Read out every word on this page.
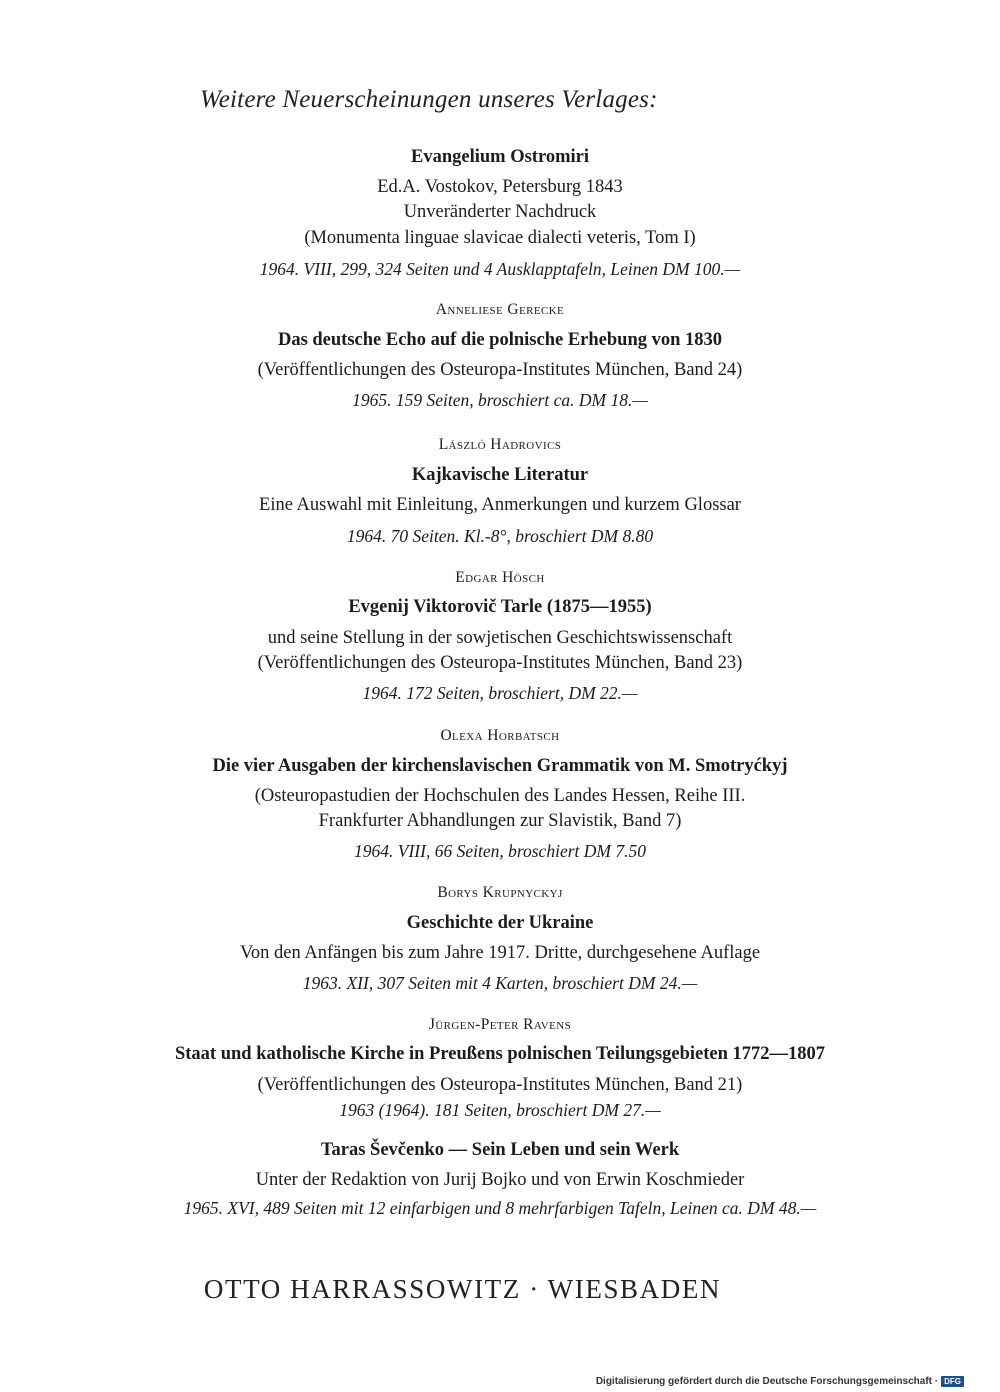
Weitere Neuerscheinungen unseres Verlages:
Evangelium Ostromiri
Ed.A. Vostokov, Petersburg 1843
Unveränderter Nachdruck
(Monumenta linguae slavicae dialecti veteris, Tom I)
1964. VIII, 299, 324 Seiten und 4 Ausklapptafeln, Leinen DM 100.—
Anneliese Gerecke
Das deutsche Echo auf die polnische Erhebung von 1830
(Veröffentlichungen des Osteuropa-Institutes München, Band 24)
1965. 159 Seiten, broschiert ca. DM 18.—
László Hadrovics
Kajkavische Literatur
Eine Auswahl mit Einleitung, Anmerkungen und kurzem Glossar
1964. 70 Seiten. Kl.-8°, broschiert DM 8.80
Edgar Hösch
Evgenij Viktorovič Tarle (1875—1955)
und seine Stellung in der sowjetischen Geschichtswissenschaft
(Veröffentlichungen des Osteuropa-Institutes München, Band 23)
1964. 172 Seiten, broschiert, DM 22.—
Olexa Horbatsch
Die vier Ausgaben der kirchenslavischen Grammatik von M. Smotryćkyj
(Osteuropastudien der Hochschulen des Landes Hessen, Reihe III.
Frankfurter Abhandlungen zur Slavistik, Band 7)
1964. VIII, 66 Seiten, broschiert DM 7.50
Borys Krupnyckyj
Geschichte der Ukraine
Von den Anfängen bis zum Jahre 1917. Dritte, durchgesehene Auflage
1963. XII, 307 Seiten mit 4 Karten, broschiert DM 24.—
Jürgen-Peter Ravens
Staat und katholische Kirche in Preußens polnischen Teilungsgebieten 1772—1807
(Veröffentlichungen des Osteuropa-Institutes München, Band 21)
1963 (1964). 181 Seiten, broschiert DM 27.—
Taras Ševčenko — Sein Leben und sein Werk
Unter der Redaktion von Jurij Bojko und von Erwin Koschmieder
1965. XVI, 489 Seiten mit 12 einfarbigen und 8 mehrfarbigen Tafeln, Leinen ca. DM 48.—
OTTO HARRASSOWITZ · WIESBADEN
Digitalisierung gefördert durch die Deutsche Forschungsgemeinschaft · DFG
